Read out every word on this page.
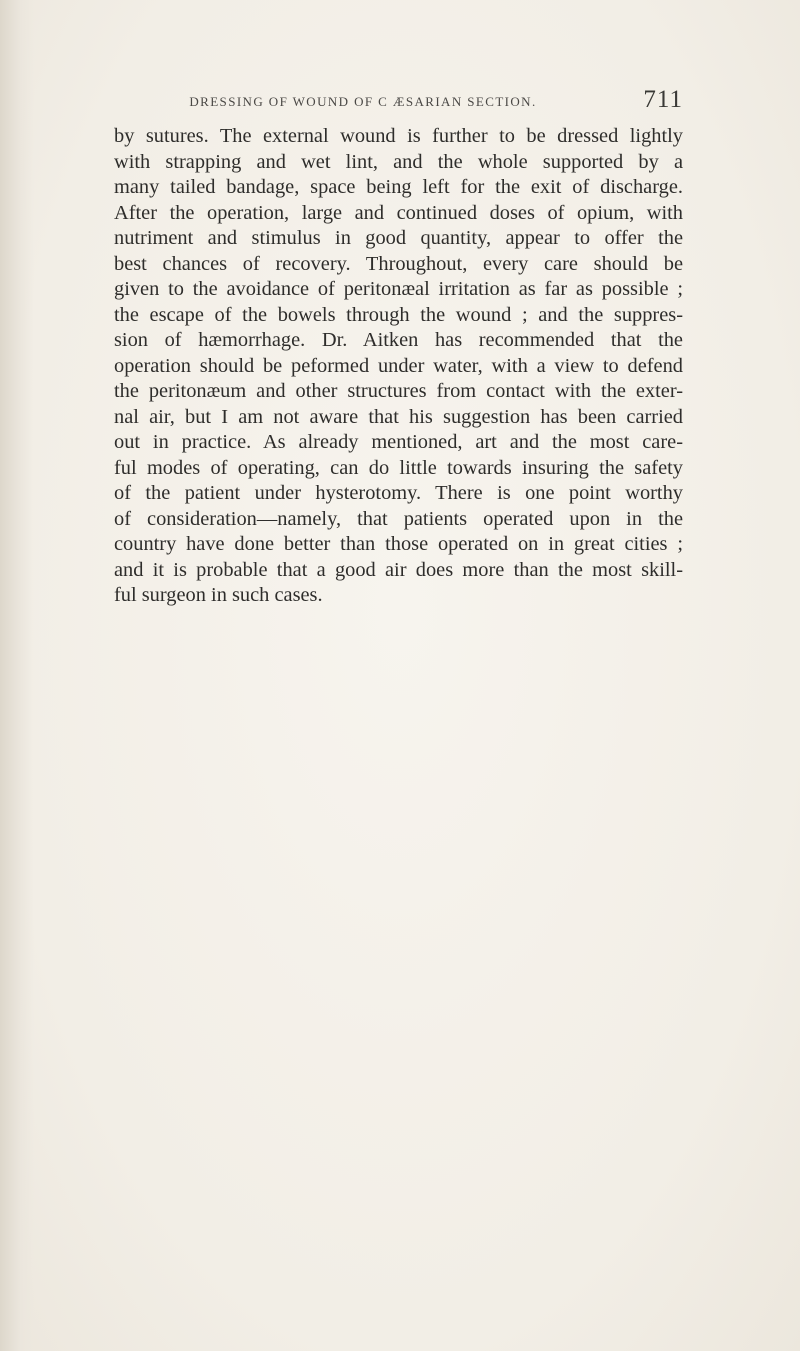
DRESSING OF WOUND OF C ÆSARIAN SECTION.	711
by sutures. The external wound is further to be dressed lightly
with strapping and wet lint, and the whole supported by a
many tailed bandage, space being left for the exit of discharge.
After the operation, large and continued doses of opium, with
nutriment and stimulus in good quantity, appear to offer the
best chances of recovery. Throughout, every care should be
given to the avoidance of peritonæal irritation as far as possible ;
the escape of the bowels through the wound ; and the suppres-
sion of hæmorrhage. Dr. Aitken has recommended that the
operation should be peformed under water, with a view to defend
the peritonæum and other structures from contact with the exter-
nal air, but I am not aware that his suggestion has been carried
out in practice. As already mentioned, art and the most care-
ful modes of operating, can do little towards insuring the safety
of the patient under hysterotomy. There is one point worthy
of consideration—namely, that patients operated upon in the
country have done better than those operated on in great cities ;
and it is probable that a good air does more than the most skill-
ful surgeon in such cases.
